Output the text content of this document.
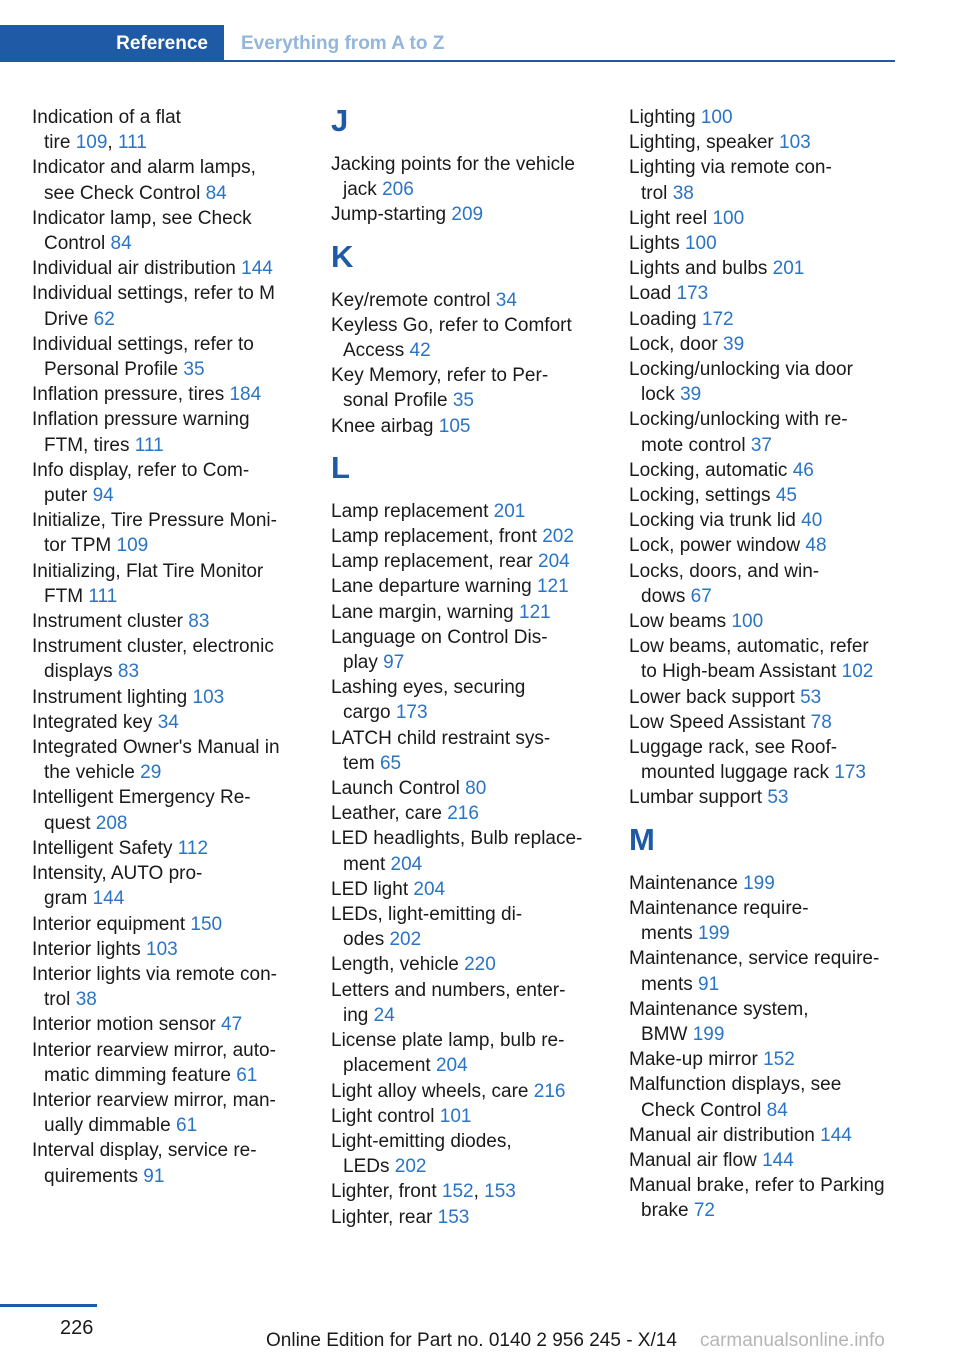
Reference	Everything from A to Z
Indication of a flat
tire 109, 111
Indicator and alarm lamps,
see Check Control 84
Indicator lamp, see Check
Control 84
Individual air distribution 144
Individual settings, refer to M
Drive 62
Individual settings, refer to
Personal Profile 35
Inflation pressure, tires 184
Inflation pressure warning
FTM, tires 111
Info display, refer to Com-
puter 94
Initialize, Tire Pressure Moni-
tor TPM 109
Initializing, Flat Tire Monitor
FTM 111
Instrument cluster 83
Instrument cluster, electronic
displays 83
Instrument lighting 103
Integrated key 34
Integrated Owner's Manual in
the vehicle 29
Intelligent Emergency Re-
quest 208
Intelligent Safety 112
Intensity, AUTO pro-
gram 144
Interior equipment 150
Interior lights 103
Interior lights via remote con-
trol 38
Interior motion sensor 47
Interior rearview mirror, auto-
matic dimming feature 61
Interior rearview mirror, man-
ually dimmable 61
Interval display, service re-
quirements 91
J
Jacking points for the vehicle
jack 206
Jump-starting 209
K
Key/remote control 34
Keyless Go, refer to Comfort
Access 42
Key Memory, refer to Per-
sonal Profile 35
Knee airbag 105
L
Lamp replacement 201
Lamp replacement, front 202
Lamp replacement, rear 204
Lane departure warning 121
Lane margin, warning 121
Language on Control Dis-
play 97
Lashing eyes, securing
cargo 173
LATCH child restraint sys-
tem 65
Launch Control 80
Leather, care 216
LED headlights, Bulb replace-
ment 204
LED light 204
LEDs, light-emitting di-
odes 202
Length, vehicle 220
Letters and numbers, enter-
ing 24
License plate lamp, bulb re-
placement 204
Light alloy wheels, care 216
Light control 101
Light-emitting diodes,
LEDs 202
Lighter, front 152, 153
Lighter, rear 153
Lighting 100
Lighting, speaker 103
Lighting via remote con-
trol 38
Light reel 100
Lights 100
Lights and bulbs 201
Load 173
Loading 172
Lock, door 39
Locking/unlocking via door
lock 39
Locking/unlocking with re-
mote control 37
Locking, automatic 46
Locking, settings 45
Locking via trunk lid 40
Lock, power window 48
Locks, doors, and win-
dows 67
Low beams 100
Low beams, automatic, refer
to High-beam Assistant 102
Lower back support 53
Low Speed Assistant 78
Luggage rack, see Roof-
mounted luggage rack 173
Lumbar support 53
M
Maintenance 199
Maintenance require-
ments 199
Maintenance, service require-
ments 91
Maintenance system,
BMW 199
Make-up mirror 152
Malfunction displays, see
Check Control 84
Manual air distribution 144
Manual air flow 144
Manual brake, refer to Parking
brake 72
226
Online Edition for Part no. 0140 2 956 245 - X/14 carmanualsonline.info
